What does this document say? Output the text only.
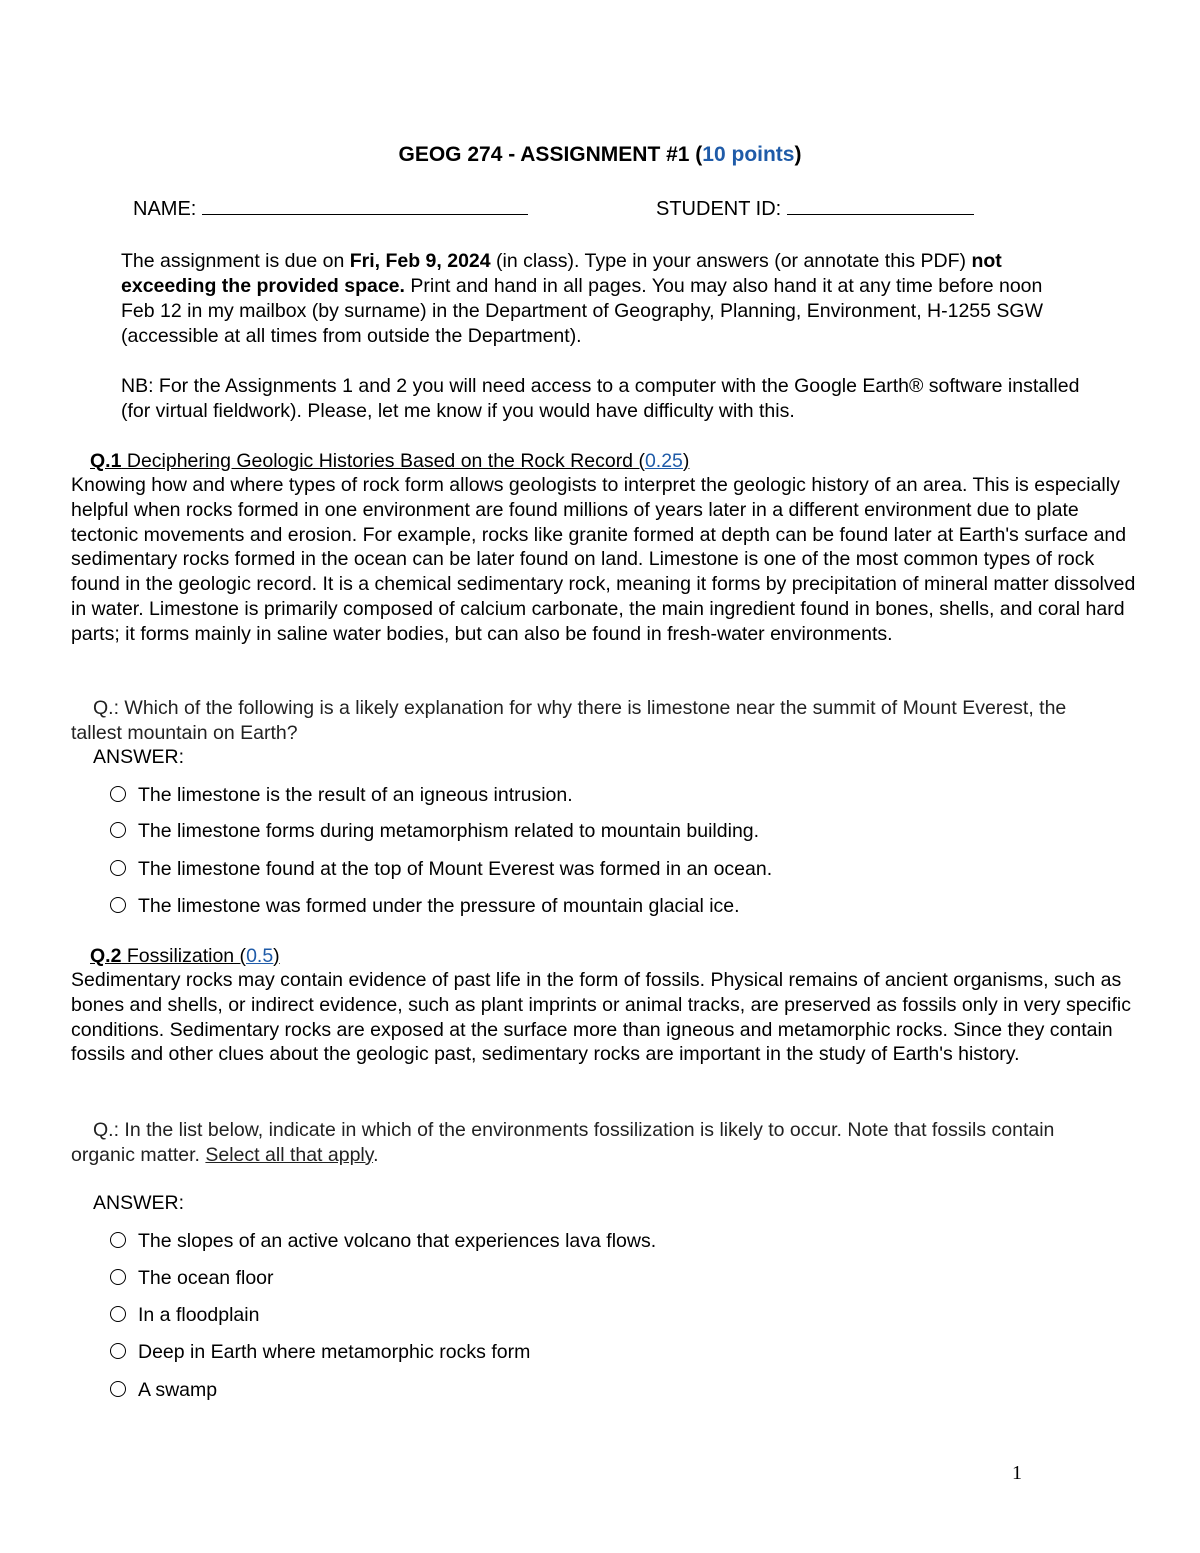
GEOG 274 - ASSIGNMENT #1 (10 points)
NAME:	STUDENT ID:
The assignment is due on Fri, Feb 9, 2024 (in class). Type in your answers (or annotate this PDF) not exceeding the provided space. Print and hand in all pages. You may also hand it at any time before noon Feb 12 in my mailbox (by surname) in the Department of Geography, Planning, Environment, H-1255 SGW (accessible at all times from outside the Department).
NB: For the Assignments 1 and 2 you will need access to a computer with the Google Earth® software installed (for virtual fieldwork). Please, let me know if you would have difficulty with this.
Q.1 Deciphering Geologic Histories Based on the Rock Record (0.25)
Knowing how and where types of rock form allows geologists to interpret the geologic history of an area. This is especially helpful when rocks formed in one environment are found millions of years later in a different environment due to plate tectonic movements and erosion. For example, rocks like granite formed at depth can be found later at Earth's surface and sedimentary rocks formed in the ocean can be later found on land. Limestone is one of the most common types of rock found in the geologic record. It is a chemical sedimentary rock, meaning it forms by precipitation of mineral matter dissolved in water. Limestone is primarily composed of calcium carbonate, the main ingredient found in bones, shells, and coral hard parts; it forms mainly in saline water bodies, but can also be found in fresh-water environments.
Q.: Which of the following is a likely explanation for why there is limestone near the summit of Mount Everest, the tallest mountain on Earth?
ANSWER:
The limestone is the result of an igneous intrusion.
The limestone forms during metamorphism related to mountain building.
The limestone found at the top of Mount Everest was formed in an ocean.
The limestone was formed under the pressure of mountain glacial ice.
Q.2 Fossilization (0.5)
Sedimentary rocks may contain evidence of past life in the form of fossils. Physical remains of ancient organisms, such as bones and shells, or indirect evidence, such as plant imprints or animal tracks, are preserved as fossils only in very specific conditions. Sedimentary rocks are exposed at the surface more than igneous and metamorphic rocks. Since they contain fossils and other clues about the geologic past, sedimentary rocks are important in the study of Earth's history.
Q.: In the list below, indicate in which of the environments fossilization is likely to occur. Note that fossils contain organic matter. Select all that apply.
ANSWER:
The slopes of an active volcano that experiences lava flows.
The ocean floor
In a floodplain
Deep in Earth where metamorphic rocks form
A swamp
1
